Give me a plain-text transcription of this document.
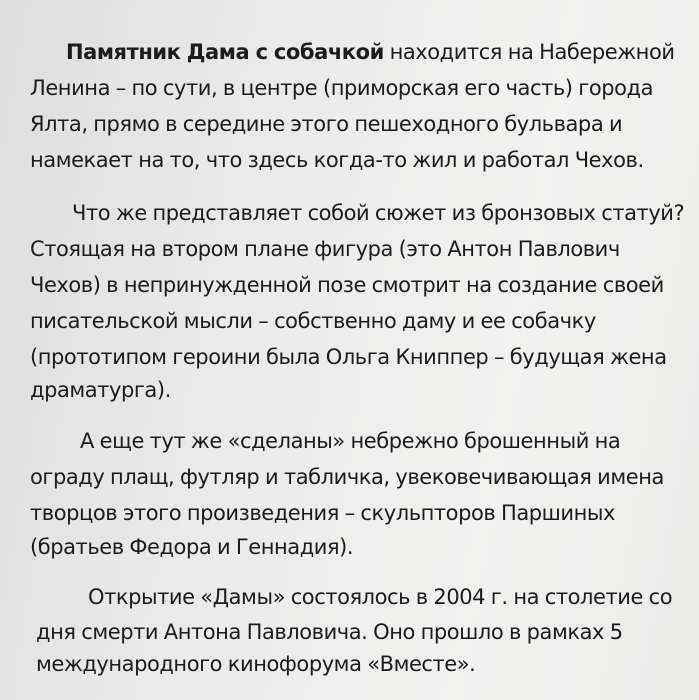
Памятник Дама с собачкой находится на Набережной
Ленина – по сути, в центре (приморская его часть) города
Ялта, прямо в середине этого пешеходного бульвара и
намекает на то, что здесь когда-то жил и работал Чехов.
Что же представляет собой сюжет из бронзовых статуй?
Стоящая на втором плане фигура (это Антон Павлович
Чехов) в непринужденной позе смотрит на создание своей
писательской мысли – собственно даму и ее собачку
(прототипом героини была Ольга Книппер – будущая жена
драматурга).
А еще тут же «сделаны» небрежно брошенный на
ограду плащ, футляр и табличка, увековечивающая имена
творцов этого произведения – скульпторов Паршиных
(братьев Федора и Геннадия).
Открытие «Дамы» состоялось в 2004 г. на столетие со
дня смерти Антона Павловича. Оно прошло в рамках 5
международного кинофорума «Вместе».
